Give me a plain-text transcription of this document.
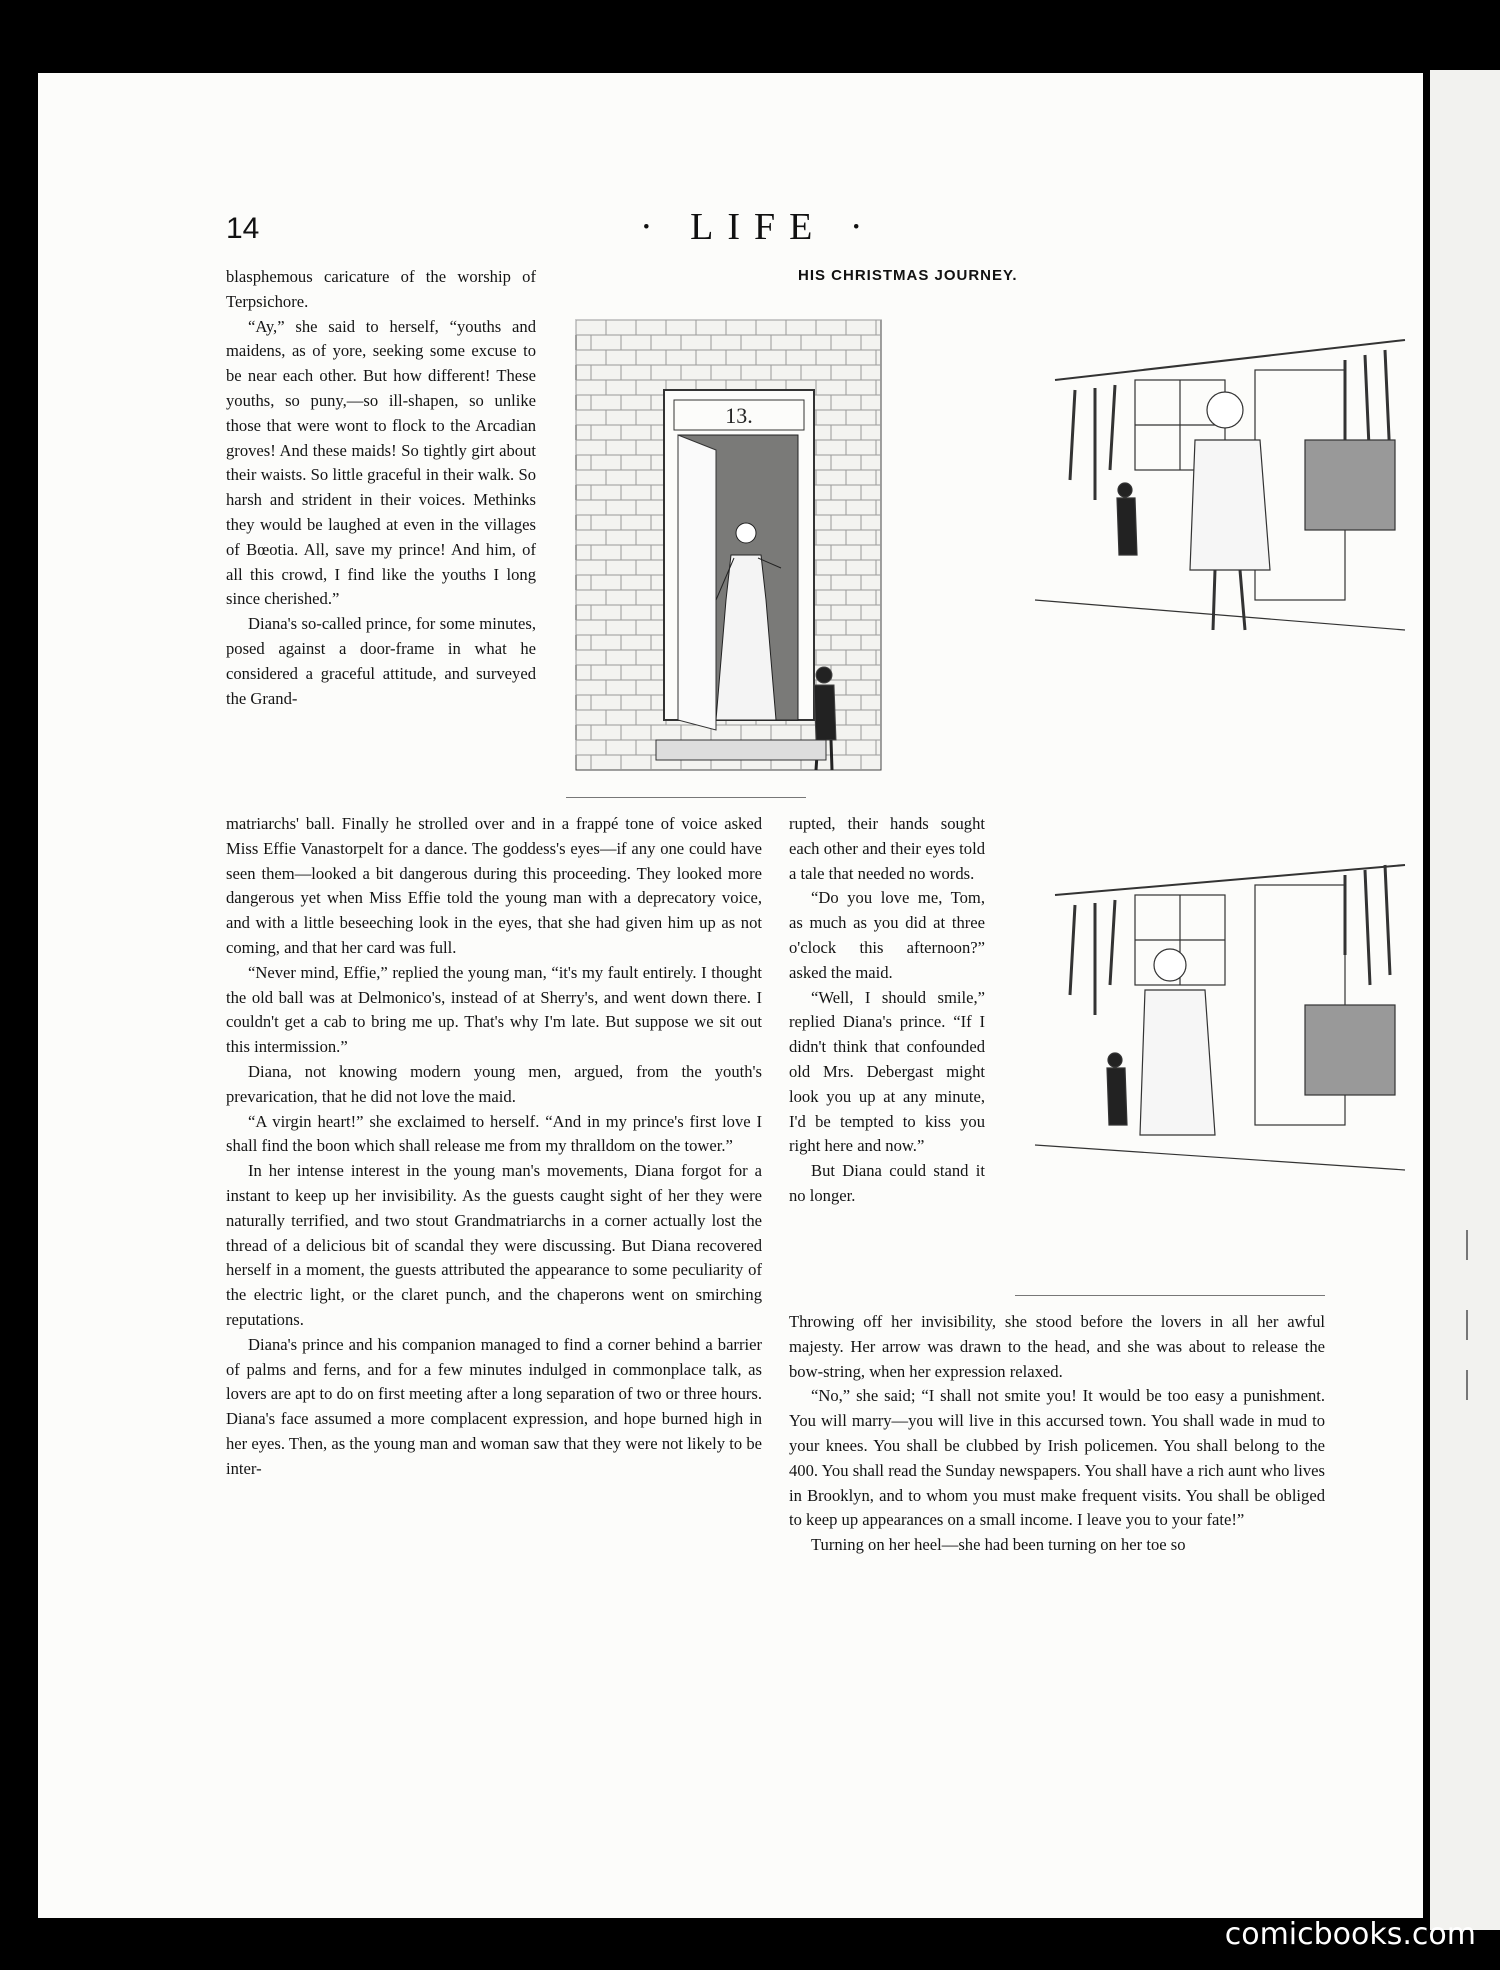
14	· LIFE ·
HIS CHRISTMAS JOURNEY.
13.

blasphemous caricature of the worship of Terpsichore.

“Ay,” she said to herself, “youths and maidens, as of yore, seeking some excuse to be near each other. But how different! These youths, so puny,—so ill-shapen, so unlike those that were wont to flock to the Arcadian groves! And these maids! So tightly girt about their waists. So little graceful in their walk. So harsh and strident in their voices. Methinks they would be laughed at even in the villages of Bœotia. All, save my prince! And him, of all this crowd, I find like the youths I long since cherished.”

Diana's so-called prince, for some minutes, posed against a door-frame in what he considered a graceful attitude, and surveyed the Grand-

matriarchs' ball. Finally he strolled over and in a frappé tone of voice asked Miss Effie Vanastorpelt for a dance. The goddess's eyes—if any one could have seen them—looked a bit dangerous during this proceeding. They looked more dangerous yet when Miss Effie told the young man with a deprecatory voice, and with a little beseeching look in the eyes, that she had given him up as not coming, and that her card was full.

“Never mind, Effie,” replied the young man, “it's my fault entirely. I thought the old ball was at Delmonico's, instead of at Sherry's, and went down there. I couldn't get a cab to bring me up. That's why I'm late. But suppose we sit out this intermission.”

Diana, not knowing modern young men, argued, from the youth's prevarication, that he did not love the maid.

“A virgin heart!” she exclaimed to herself. “And in my prince's first love I shall find the boon which shall release me from my thralldom on the tower.”

In her intense interest in the young man's movements, Diana forgot for a instant to keep up her invisibility. As the guests caught sight of her they were naturally terrified, and two stout Grandmatriarchs in a corner actually lost the thread of a delicious bit of scandal they were discussing. But Diana recovered herself in a moment, the guests attributed the appearance to some peculiarity of the electric light, or the claret punch, and the chaperons went on smirching reputations.

Diana's prince and his companion managed to find a corner behind a barrier of palms and ferns, and for a few minutes indulged in commonplace talk, as lovers are apt to do on first meeting after a long separation of two or three hours. Diana's face assumed a more complacent expression, and hope burned high in her eyes. Then, as the young man and woman saw that they were not likely to be inter-

rupted, their hands sought each other and their eyes told a tale that needed no words.

“Do you love me, Tom, as much as you did at three o'clock this afternoon?” asked the maid.

“Well, I should smile,” replied Diana's prince. “If I didn't think that confounded old Mrs. Debergast might look you up at any minute, I'd be tempted to kiss you right here and now.”

But Diana could stand it no longer.

Throwing off her invisibility, she stood before the lovers in all her awful majesty. Her arrow was drawn to the head, and she was about to release the bow-string, when her expression relaxed.

“No,” she said; “I shall not smite you! It would be too easy a punishment. You will marry—you will live in this accursed town. You shall wade in mud to your knees. You shall be clubbed by Irish policemen. You shall belong to the 400. You shall read the Sunday newspapers. You shall have a rich aunt who lives in Brooklyn, and to whom you must make frequent visits. You shall be obliged to keep up appearances on a small income. I leave you to your fate!”

Turning on her heel—she had been turning on her toe so

comicbooks.com
